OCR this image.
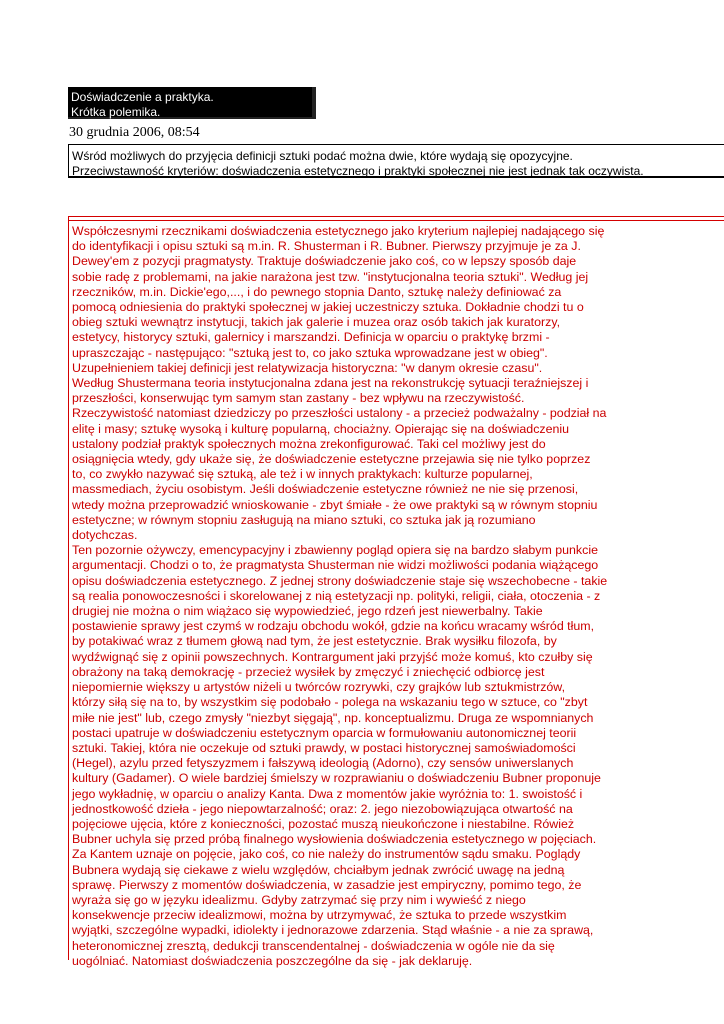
Doświadczenie a praktyka.
Krótka polemika.
30 grudnia 2006, 08:54
Wśród możliwych do przyjęcia definicji sztuki podać można dwie, które wydają się opozycyjne.
Przeciwstawność kryteriów: doświadczenia estetycznego i praktyki społecznej nie jest jednak tak oczywista.
Współczesnymi rzecznikami doświadczenia estetycznego jako kryterium najlepiej nadającego się
do identyfikacji i opisu sztuki są m.in. R. Shusterman i R. Bubner. Pierwszy przyjmuje je za J.
Dewey'em z pozycji pragmatysty. Traktuje doświadczenie jako coś, co w lepszy sposób daje
sobie radę z problemami, na jakie narażona jest tzw. "instytucjonalna teoria sztuki". Według jej
rzeczników, m.in. Dickie'ego,..., i do pewnego stopnia Danto, sztukę należy definiować za
pomocą odniesienia do praktyki społecznej w jakiej uczestniczy sztuka. Dokładnie chodzi tu o
obieg sztuki wewnątrz instytucji, takich jak galerie i muzea oraz osób takich jak kuratorzy,
estetycy, historycy sztuki, galernicy i marszandzi. Definicja w oparciu o praktykę brzmi -
upraszczając - następująco: "sztuką jest to, co jako sztuka wprowadzane jest w obieg".
Uzupełnieniem takiej definicji jest relatywizacja historyczna: "w danym okresie czasu".
Według Shustermana teoria instytucjonalna zdana jest na rekonstrukcję sytuacji teraźniejszej i
przeszłości, konserwując tym samym stan zastany - bez wpływu na rzeczywistość.
Rzeczywistość natomiast dziedziczy po przeszłości ustalony - a przecież podważalny - podział na
elitę i masy; sztukę wysoką i kulturę popularną, chociażny. Opierając się na doświadczeniu
ustalony podział praktyk społecznych można zrekonfigurować. Taki cel możliwy jest do
osiągnięcia wtedy, gdy ukaże się, że doświadczenie estetyczne przejawia się nie tylko poprzez
to, co zwykło nazywać się sztuką, ale też i w innych praktykach: kulturze popularnej,
massmediach, życiu osobistym. Jeśli doświadczenie estetyczne również ne nie się przenosi,
wtedy można przeprowadzić wnioskowanie - zbyt śmiałe - że owe praktyki są w równym stopniu
estetyczne; w równym stopniu zasługują na miano sztuki, co sztuka jak ją rozumiano
dotychczas.
Ten pozornie ożywczy, emencypacyjny i zbawienny pogląd opiera się na bardzo słabym punkcie
argumentacji. Chodzi o to, że pragmatysta Shusterman nie widzi możliwości podania wiążącego
opisu doświadczenia estetycznego. Z jednej strony doświadczenie staje się wszechobecne - takie
są realia ponowoczesności i skorelowanej z nią estetyzacji np. polityki, religii, ciała, otoczenia - z
drugiej nie można o nim wiążaco się wypowiedzieć, jego rdzeń jest niewerbalny. Takie
postawienie sprawy jest czymś w rodzaju obchodu wokół, gdzie na końcu wracamy wśród tłum,
by potakiwać wraz z tłumem głową nad tym, że jest estetycznie. Brak wysiłku filozofa, by
wydźwignąć się z opinii powszechnych. Kontrargument jaki przyjść może komuś, kto czułby się
obrażony na taką demokrację - przecież wysiłek by zmęczyć i zniechęcić odbiorcę jest
niepomiernie większy u artystów niżeli u twórców rozrywki, czy grajków lub sztukmistrzów,
którzy siłą się na to, by wszystkim się podobało - polega na wskazaniu tego w sztuce, co "zbyt
miłe nie jest" lub, czego zmysły "niezbyt sięgają", np. konceptualizmu. Druga ze wspomnianych
postaci upatruje w doświadczeniu estetycznym oparcia w formułowaniu autonomicznej teorii
sztuki. Takiej, która nie oczekuje od sztuki prawdy, w postaci historycznej samoświadomości
(Hegel), azylu przed fetyszyzmem i fałszywą ideologią (Adorno), czy sensów uniwerslanych
kultury (Gadamer). O wiele bardziej śmielszy w rozprawianiu o doświadczeniu Bubner proponuje
jego wykładnię, w oparciu o analizy Kanta. Dwa z momentów jakie wyróżnia to: 1. swoistość i
jednostkowość dzieła - jego niepowtarzalność; oraz: 2. jego niezobowiązująca otwartość na
pojęciowe ujęcia, które z konieczności, pozostać muszą nieukończone i niestabilne. Rówież
Bubner uchyla się przed próbą finalnego wysłowienia doświadczenia estetycznego w pojęciach.
Za Kantem uznaje on pojęcie, jako coś, co nie należy do instrumentów sądu smaku. Poglądy
Bubnera wydają się ciekawe z wielu względów, chciałbym jednak zwrócić uwagę na jedną
sprawę. Pierwszy z momentów doświadczenia, w zasadzie jest empiryczny, pomimo tego, że
wyraża się go w języku idealizmu. Gdyby zatrzymać się przy nim i wywieść z niego
konsekwencje przeciw idealizmowi, można by utrzymywać, że sztuka to przede wszystkim
wyjątki, szczególne wypadki, idiolekty i jednorazowe zdarzenia. Stąd właśnie - a nie za sprawą,
heteronomicznej zresztą, dedukcji transcendentalnej - doświadczenia w ogóle nie da się
uogólniać. Natomiast doświadczenia poszczególne da się - jak deklaruję.
